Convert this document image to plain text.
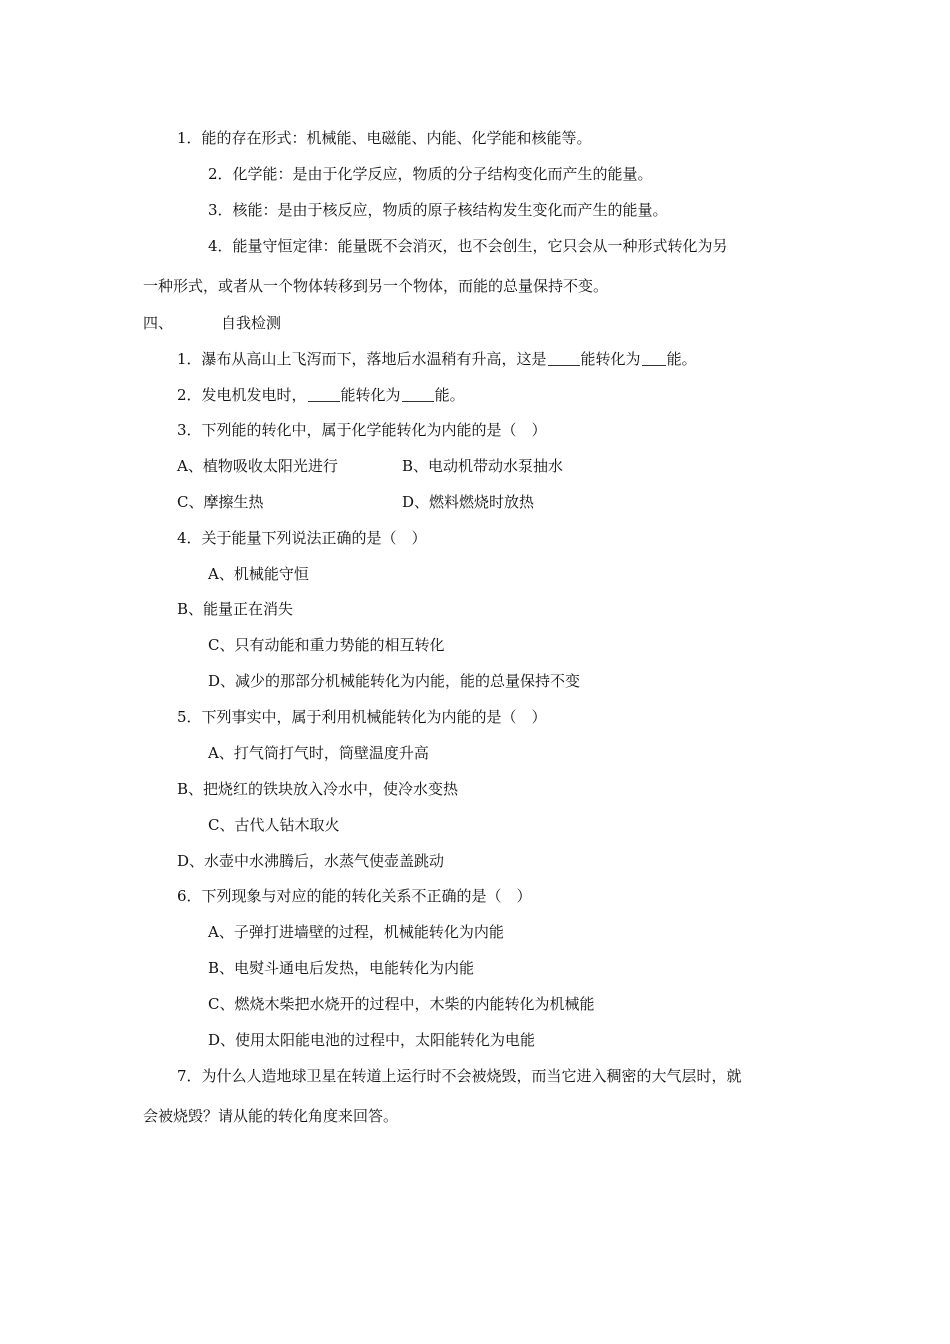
1．能的存在形式：机械能、电磁能、内能、化学能和核能等。
2．化学能：是由于化学反应，物质的分子结构变化而产生的能量。
3．核能：是由于核反应，物质的原子核结构发生变化而产生的能量。
4．能量守恒定律：能量既不会消灭，也不会创生，它只会从一种形式转化为另
一种形式，或者从一个物体转移到另一个物体，而能的总量保持不变。
四、	自我检测
1．瀑布从高山上飞泻而下，落地后水温稍有升高，这是 能转化为 能。
2．发电机发电时， 能转化为 能。
3．下列能的转化中，属于化学能转化为内能的是（　）
A、植物吸收太阳光进行	B、电动机带动水泵抽水
C、摩擦生热	D、燃料燃烧时放热
4．关于能量下列说法正确的是（　）
A、机械能守恒
B、能量正在消失
C、只有动能和重力势能的相互转化
D、减少的那部分机械能转化为内能，能的总量保持不变
5．下列事实中，属于利用机械能转化为内能的是（　）
A、打气筒打气时，筒壁温度升高
B、把烧红的铁块放入冷水中，使冷水变热
C、古代人钻木取火
D、水壶中水沸腾后，水蒸气使壶盖跳动
6．下列现象与对应的能的转化关系不正确的是（　）
A、子弹打进墙壁的过程，机械能转化为内能
B、电熨斗通电后发热，电能转化为内能
C、燃烧木柴把水烧开的过程中，木柴的内能转化为机械能
D、使用太阳能电池的过程中，太阳能转化为电能
7．为什么人造地球卫星在转道上运行时不会被烧毁，而当它进入稠密的大气层时，就
会被烧毁？请从能的转化角度来回答。
